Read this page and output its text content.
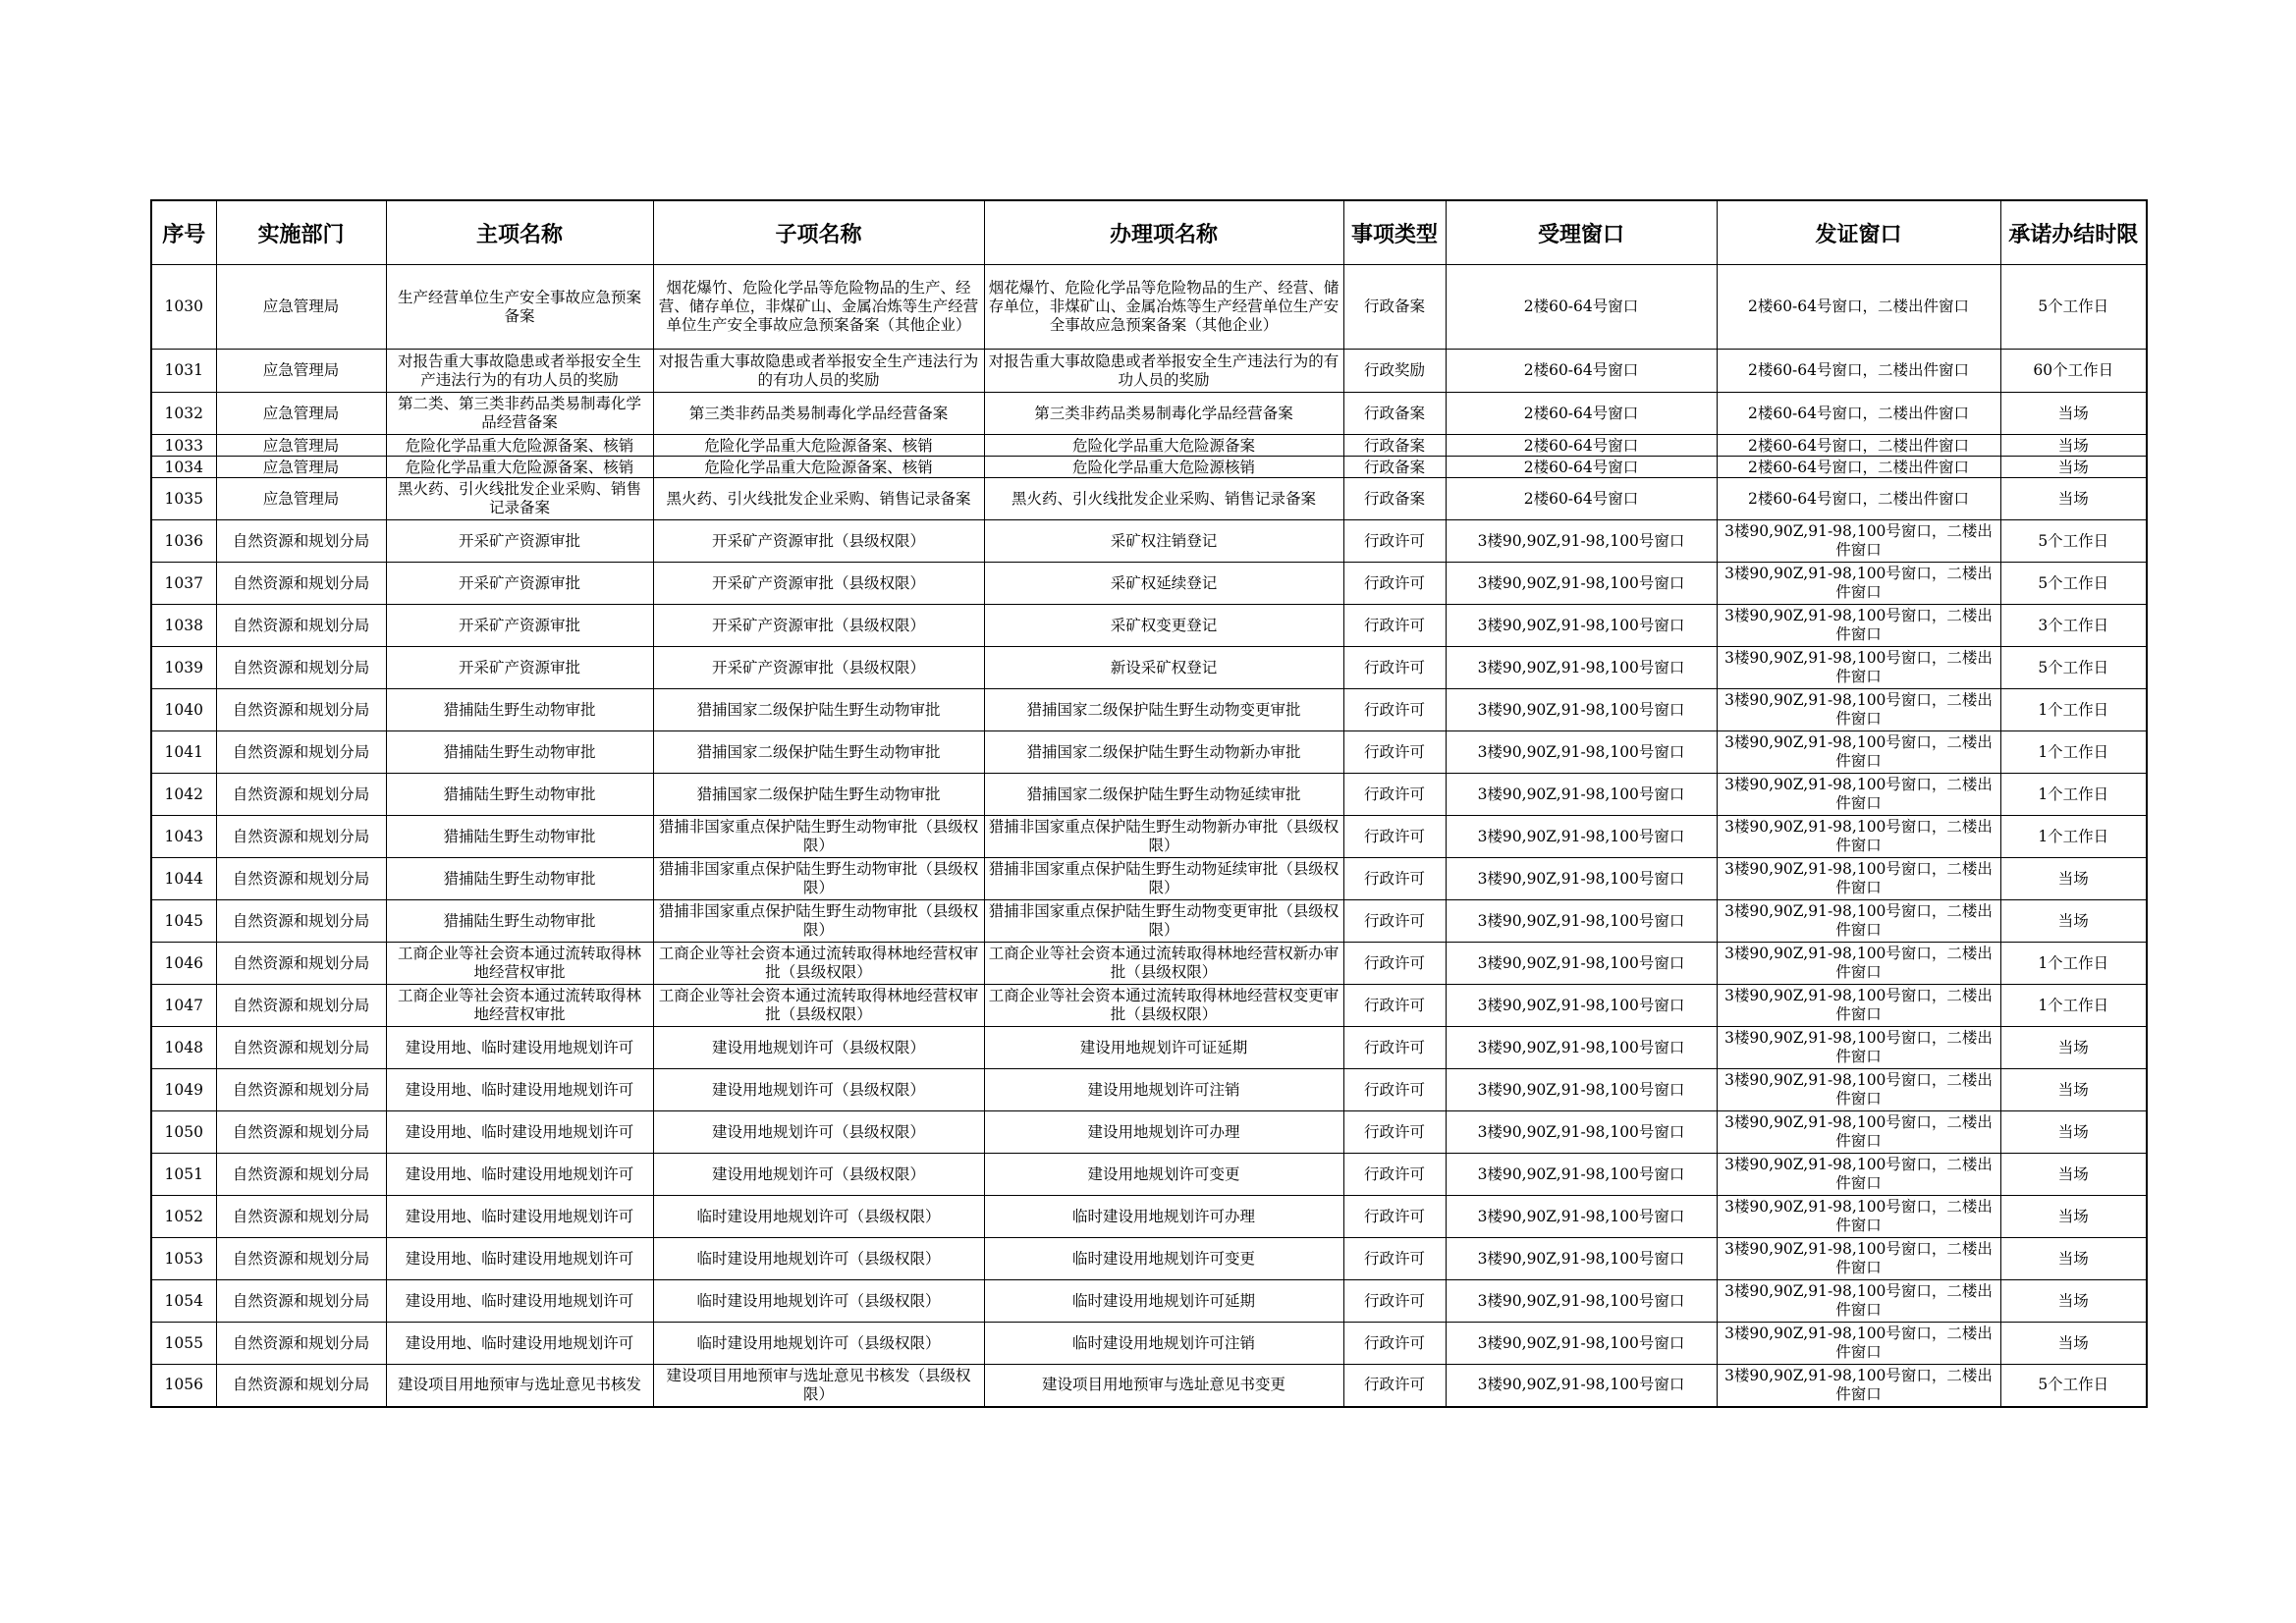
序号	实施部门	主项名称	子项名称	办理项名称	事项类型	受理窗口	发证窗口	承诺办结时限
1030	应急管理局	生产经营单位生产安全事故应急预案备案	烟花爆竹、危险化学品等危险物品的生产、经营、储存单位，非煤矿山、金属冶炼等生产经营单位生产安全事故应急预案备案（其他企业）	烟花爆竹、危险化学品等危险物品的生产、经营、储存单位，非煤矿山、金属冶炼等生产经营单位生产安全事故应急预案备案（其他企业）	行政备案	2楼60-64号窗口	2楼60-64号窗口，二楼出件窗口	5个工作日
1031	应急管理局	对报告重大事故隐患或者举报安全生产违法行为的有功人员的奖励	对报告重大事故隐患或者举报安全生产违法行为的有功人员的奖励	对报告重大事故隐患或者举报安全生产违法行为的有功人员的奖励	行政奖励	2楼60-64号窗口	2楼60-64号窗口，二楼出件窗口	60个工作日
1032	应急管理局	第二类、第三类非药品类易制毒化学品经营备案	第三类非药品类易制毒化学品经营备案	第三类非药品类易制毒化学品经营备案	行政备案	2楼60-64号窗口	2楼60-64号窗口，二楼出件窗口	当场
1033	应急管理局	危险化学品重大危险源备案、核销	危险化学品重大危险源备案、核销	危险化学品重大危险源备案	行政备案	2楼60-64号窗口	2楼60-64号窗口，二楼出件窗口	当场
1034	应急管理局	危险化学品重大危险源备案、核销	危险化学品重大危险源备案、核销	危险化学品重大危险源核销	行政备案	2楼60-64号窗口	2楼60-64号窗口，二楼出件窗口	当场
1035	应急管理局	黑火药、引火线批发企业采购、销售记录备案	黑火药、引火线批发企业采购、销售记录备案	黑火药、引火线批发企业采购、销售记录备案	行政备案	2楼60-64号窗口	2楼60-64号窗口，二楼出件窗口	当场
1036	自然资源和规划分局	开采矿产资源审批	开采矿产资源审批（县级权限）	采矿权注销登记	行政许可	3楼90,90Z,91-98,100号窗口	3楼90,90Z,91-98,100号窗口，二楼出件窗口	5个工作日
1037	自然资源和规划分局	开采矿产资源审批	开采矿产资源审批（县级权限）	采矿权延续登记	行政许可	3楼90,90Z,91-98,100号窗口	3楼90,90Z,91-98,100号窗口，二楼出件窗口	5个工作日
1038	自然资源和规划分局	开采矿产资源审批	开采矿产资源审批（县级权限）	采矿权变更登记	行政许可	3楼90,90Z,91-98,100号窗口	3楼90,90Z,91-98,100号窗口，二楼出件窗口	3个工作日
1039	自然资源和规划分局	开采矿产资源审批	开采矿产资源审批（县级权限）	新设采矿权登记	行政许可	3楼90,90Z,91-98,100号窗口	3楼90,90Z,91-98,100号窗口，二楼出件窗口	5个工作日
1040	自然资源和规划分局	猎捕陆生野生动物审批	猎捕国家二级保护陆生野生动物审批	猎捕国家二级保护陆生野生动物变更审批	行政许可	3楼90,90Z,91-98,100号窗口	3楼90,90Z,91-98,100号窗口，二楼出件窗口	1个工作日
1041	自然资源和规划分局	猎捕陆生野生动物审批	猎捕国家二级保护陆生野生动物审批	猎捕国家二级保护陆生野生动物新办审批	行政许可	3楼90,90Z,91-98,100号窗口	3楼90,90Z,91-98,100号窗口，二楼出件窗口	1个工作日
1042	自然资源和规划分局	猎捕陆生野生动物审批	猎捕国家二级保护陆生野生动物审批	猎捕国家二级保护陆生野生动物延续审批	行政许可	3楼90,90Z,91-98,100号窗口	3楼90,90Z,91-98,100号窗口，二楼出件窗口	1个工作日
1043	自然资源和规划分局	猎捕陆生野生动物审批	猎捕非国家重点保护陆生野生动物审批（县级权限）	猎捕非国家重点保护陆生野生动物新办审批（县级权限）	行政许可	3楼90,90Z,91-98,100号窗口	3楼90,90Z,91-98,100号窗口，二楼出件窗口	1个工作日
1044	自然资源和规划分局	猎捕陆生野生动物审批	猎捕非国家重点保护陆生野生动物审批（县级权限）	猎捕非国家重点保护陆生野生动物延续审批（县级权限）	行政许可	3楼90,90Z,91-98,100号窗口	3楼90,90Z,91-98,100号窗口，二楼出件窗口	当场
1045	自然资源和规划分局	猎捕陆生野生动物审批	猎捕非国家重点保护陆生野生动物审批（县级权限）	猎捕非国家重点保护陆生野生动物变更审批（县级权限）	行政许可	3楼90,90Z,91-98,100号窗口	3楼90,90Z,91-98,100号窗口，二楼出件窗口	当场
1046	自然资源和规划分局	工商企业等社会资本通过流转取得林地经营权审批	工商企业等社会资本通过流转取得林地经营权审批（县级权限）	工商企业等社会资本通过流转取得林地经营权新办审批（县级权限）	行政许可	3楼90,90Z,91-98,100号窗口	3楼90,90Z,91-98,100号窗口，二楼出件窗口	1个工作日
1047	自然资源和规划分局	工商企业等社会资本通过流转取得林地经营权审批	工商企业等社会资本通过流转取得林地经营权审批（县级权限）	工商企业等社会资本通过流转取得林地经营权变更审批（县级权限）	行政许可	3楼90,90Z,91-98,100号窗口	3楼90,90Z,91-98,100号窗口，二楼出件窗口	1个工作日
1048	自然资源和规划分局	建设用地、临时建设用地规划许可	建设用地规划许可（县级权限）	建设用地规划许可证延期	行政许可	3楼90,90Z,91-98,100号窗口	3楼90,90Z,91-98,100号窗口，二楼出件窗口	当场
1049	自然资源和规划分局	建设用地、临时建设用地规划许可	建设用地规划许可（县级权限）	建设用地规划许可注销	行政许可	3楼90,90Z,91-98,100号窗口	3楼90,90Z,91-98,100号窗口，二楼出件窗口	当场
1050	自然资源和规划分局	建设用地、临时建设用地规划许可	建设用地规划许可（县级权限）	建设用地规划许可办理	行政许可	3楼90,90Z,91-98,100号窗口	3楼90,90Z,91-98,100号窗口，二楼出件窗口	当场
1051	自然资源和规划分局	建设用地、临时建设用地规划许可	建设用地规划许可（县级权限）	建设用地规划许可变更	行政许可	3楼90,90Z,91-98,100号窗口	3楼90,90Z,91-98,100号窗口，二楼出件窗口	当场
1052	自然资源和规划分局	建设用地、临时建设用地规划许可	临时建设用地规划许可（县级权限）	临时建设用地规划许可办理	行政许可	3楼90,90Z,91-98,100号窗口	3楼90,90Z,91-98,100号窗口，二楼出件窗口	当场
1053	自然资源和规划分局	建设用地、临时建设用地规划许可	临时建设用地规划许可（县级权限）	临时建设用地规划许可变更	行政许可	3楼90,90Z,91-98,100号窗口	3楼90,90Z,91-98,100号窗口，二楼出件窗口	当场
1054	自然资源和规划分局	建设用地、临时建设用地规划许可	临时建设用地规划许可（县级权限）	临时建设用地规划许可延期	行政许可	3楼90,90Z,91-98,100号窗口	3楼90,90Z,91-98,100号窗口，二楼出件窗口	当场
1055	自然资源和规划分局	建设用地、临时建设用地规划许可	临时建设用地规划许可（县级权限）	临时建设用地规划许可注销	行政许可	3楼90,90Z,91-98,100号窗口	3楼90,90Z,91-98,100号窗口，二楼出件窗口	当场
1056	自然资源和规划分局	建设项目用地预审与选址意见书核发	建设项目用地预审与选址意见书核发（县级权限）	建设项目用地预审与选址意见书变更	行政许可	3楼90,90Z,91-98,100号窗口	3楼90,90Z,91-98,100号窗口，二楼出件窗口	5个工作日
